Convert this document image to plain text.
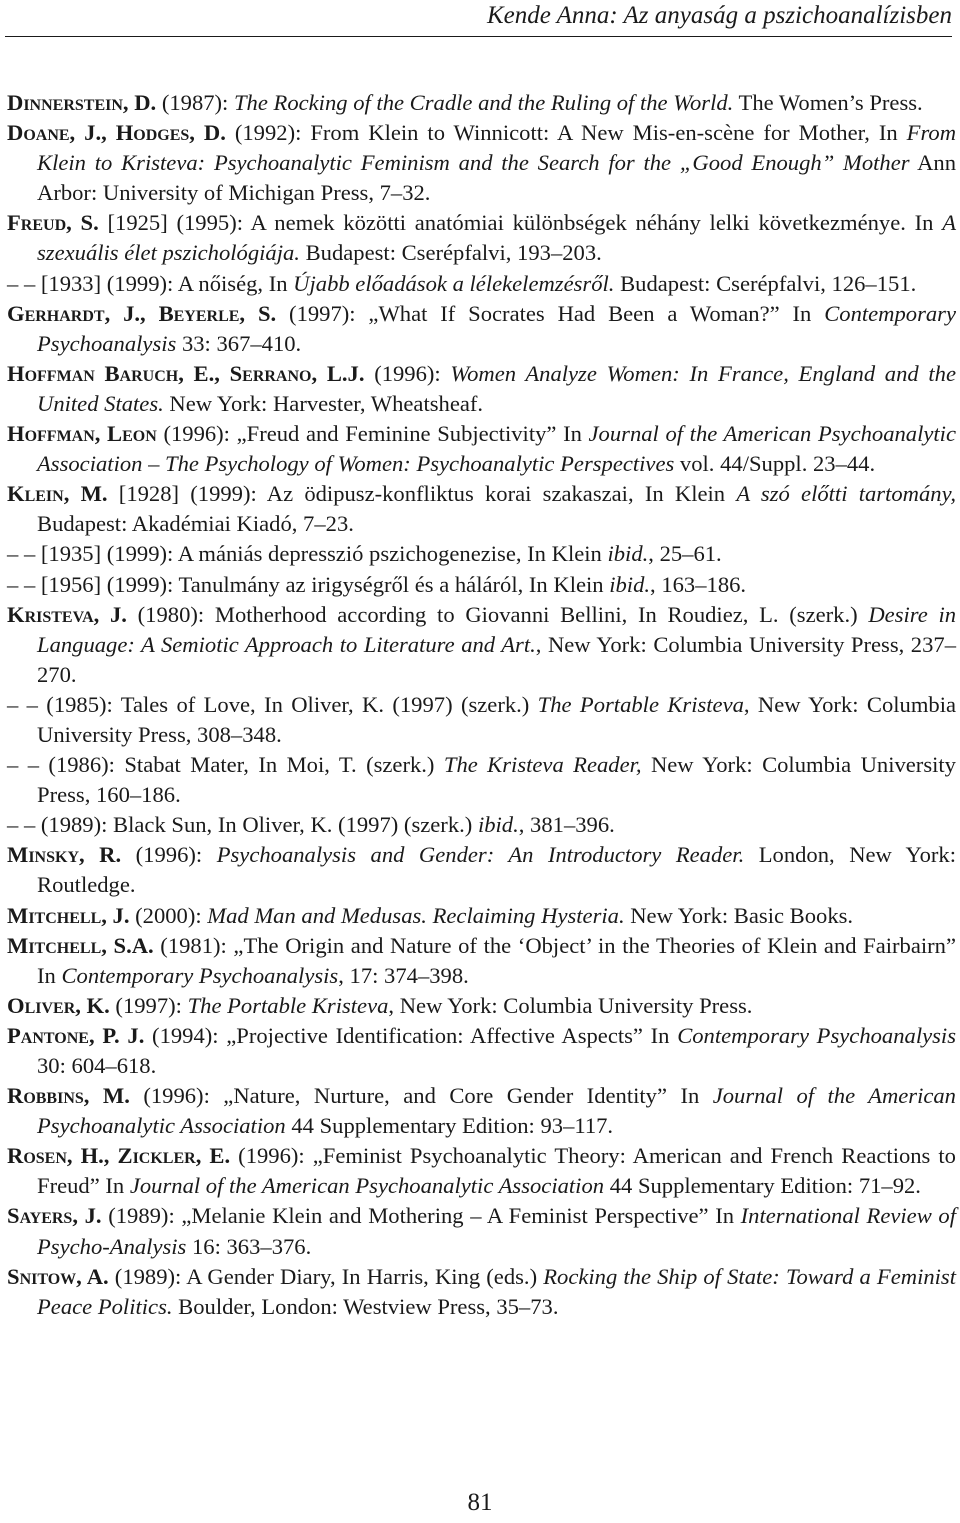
Kende Anna: Az anyaság a pszichoanalízisben
Dinnerstein, D. (1987): The Rocking of the Cradle and the Ruling of the World. The Women’s Press.
Doane, J., Hodges, D. (1992): From Klein to Winnicott: A New Mis-en-scène for Mother, In From Klein to Kristeva: Psychoanalytic Feminism and the Search for the „Good Enough” Mother Ann Arbor: University of Michigan Press, 7–32.
Freud, S. [1925] (1995): A nemek közötti anatómiai különbségek néhány lelki következménye. In A szexuális élet pszichológiája. Budapest: Cserépfalvi, 193–203.
– – [1933] (1999): A nőiség, In Újabb előadások a lélekelemzésről. Budapest: Cserépfalvi, 126–151.
Gerhardt, J., Beyerle, S. (1997): „What If Socrates Had Been a Woman?” In Contemporary Psychoanalysis 33: 367–410.
Hoffman Baruch, E., Serrano, L.J. (1996): Women Analyze Women: In France, England and the United States. New York: Harvester, Wheatsheaf.
Hoffman, Leon (1996): „Freud and Feminine Subjectivity” In Journal of the American Psychoanalytic Association – The Psychology of Women: Psychoanalytic Perspectives vol. 44/Suppl. 23–44.
Klein, M. [1928] (1999): Az ödipusz-konfliktus korai szakaszai, In Klein A szó előtti tartomány, Budapest: Akadémiai Kiadó, 7–23.
– – [1935] (1999): A mániás depresszió pszichogenezise, In Klein ibid., 25–61.
– – [1956] (1999): Tanulmány az irigységről és a háláról, In Klein ibid., 163–186.
Kristeva, J. (1980): Motherhood according to Giovanni Bellini, In Roudiez, L. (szerk.) Desire in Language: A Semiotic Approach to Literature and Art., New York: Columbia University Press, 237–270.
– – (1985): Tales of Love, In Oliver, K. (1997) (szerk.) The Portable Kristeva, New York: Columbia University Press, 308–348.
– – (1986): Stabat Mater, In Moi, T. (szerk.) The Kristeva Reader, New York: Columbia University Press, 160–186.
– – (1989): Black Sun, In Oliver, K. (1997) (szerk.) ibid., 381–396.
Minsky, R. (1996): Psychoanalysis and Gender: An Introductory Reader. London, New York: Routledge.
Mitchell, J. (2000): Mad Man and Medusas. Reclaiming Hysteria. New York: Basic Books.
Mitchell, S.A. (1981): „The Origin and Nature of the ‘Object’ in the Theories of Klein and Fairbairn” In Contemporary Psychoanalysis, 17: 374–398.
Oliver, K. (1997): The Portable Kristeva, New York: Columbia University Press.
Pantone, P. J. (1994): „Projective Identification: Affective Aspects” In Contemporary Psychoanalysis 30: 604–618.
Robbins, M. (1996): „Nature, Nurture, and Core Gender Identity” In Journal of the American Psychoanalytic Association 44 Supplementary Edition: 93–117.
Rosen, H., Zickler, E. (1996): „Feminist Psychoanalytic Theory: American and French Reactions to Freud” In Journal of the American Psychoanalytic Association 44 Supplementary Edition: 71–92.
Sayers, J. (1989): „Melanie Klein and Mothering – A Feminist Perspective” In International Review of Psycho-Analysis 16: 363–376.
Snitow, A. (1989): A Gender Diary, In Harris, King (eds.) Rocking the Ship of State: Toward a Feminist Peace Politics. Boulder, London: Westview Press, 35–73.
81
